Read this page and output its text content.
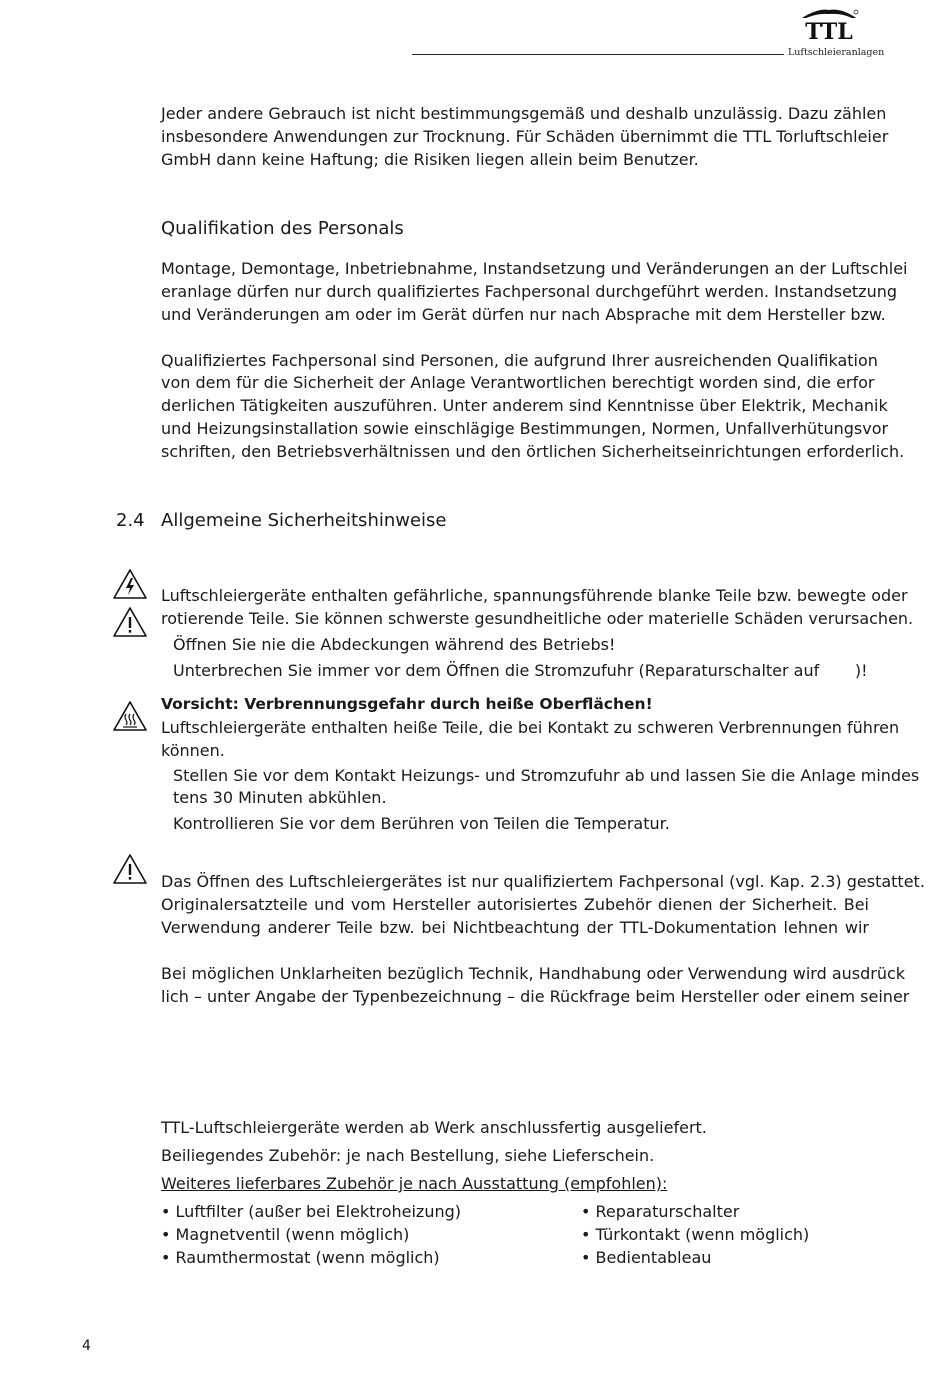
TTL
Luftschleieranlagen
Jeder andere Gebrauch ist nicht bestimmungsgemäß und deshalb unzulässig. Dazu zählen
insbesondere Anwendungen zur Trocknung. Für Schäden übernimmt die TTL Torluftschleier
GmbH dann keine Haftung; die Risiken liegen allein beim Benutzer.
Qualifikation des Personals
Montage, Demontage, Inbetriebnahme, Instandsetzung und Veränderungen an der Luftschlei
eranlage dürfen nur durch qualifiziertes Fachpersonal durchgeführt werden. Instandsetzung
und Veränderungen am oder im Gerät dürfen nur nach Absprache mit dem Hersteller bzw.
Qualifiziertes Fachpersonal sind Personen, die aufgrund Ihrer ausreichenden Qualifikation
von dem für die Sicherheit der Anlage Verantwortlichen berechtigt worden sind, die erfor
derlichen Tätigkeiten auszuführen. Unter anderem sind Kenntnisse über Elektrik, Mechanik
und Heizungsinstallation sowie einschlägige Bestimmungen, Normen, Unfallverhütungsvor
schriften, den Betriebsverhältnissen und den örtlichen Sicherheitseinrichtungen erforderlich.
2.4 Allgemeine Sicherheitshinweise
Luftschleiergeräte enthalten gefährliche, spannungsführende blanke Teile bzw. bewegte oder
rotierende Teile. Sie können schwerste gesundheitliche oder materielle Schäden verursachen.
Öffnen Sie nie die Abdeckungen während des Betriebs!
Unterbrechen Sie immer vor dem Öffnen die Stromzufuhr (Reparaturschalter auf       )!
Vorsicht: Verbrennungsgefahr durch heiße Oberflächen!
Luftschleiergeräte enthalten heiße Teile, die bei Kontakt zu schweren Verbrennungen führen
können.
Stellen Sie vor dem Kontakt Heizungs- und Stromzufuhr ab und lassen Sie die Anlage mindes
tens 30 Minuten abkühlen.
Kontrollieren Sie vor dem Berühren von Teilen die Temperatur.
Das Öffnen des Luftschleiergerätes ist nur qualifiziertem Fachpersonal (vgl. Kap. 2.3) gestattet.
Originalersatzteile und vom Hersteller autorisiertes Zubehör dienen der Sicherheit. Bei
Verwendung anderer Teile bzw. bei Nichtbeachtung der TTL-Dokumentation lehnen wir
Bei möglichen Unklarheiten bezüglich Technik, Handhabung oder Verwendung wird ausdrück
lich – unter Angabe der Typenbezeichnung – die Rückfrage beim Hersteller oder einem seiner
TTL-Luftschleiergeräte werden ab Werk anschlussfertig ausgeliefert.
Beiliegendes Zubehör: je nach Bestellung, siehe Lieferschein.
Weiteres lieferbares Zubehör je nach Ausstattung (empfohlen):
• Luftfilter (außer bei Elektroheizung)
• Magnetventil (wenn möglich)
• Raumthermostat (wenn möglich)
• Reparaturschalter
• Türkontakt (wenn möglich)
• Bedientableau
4
